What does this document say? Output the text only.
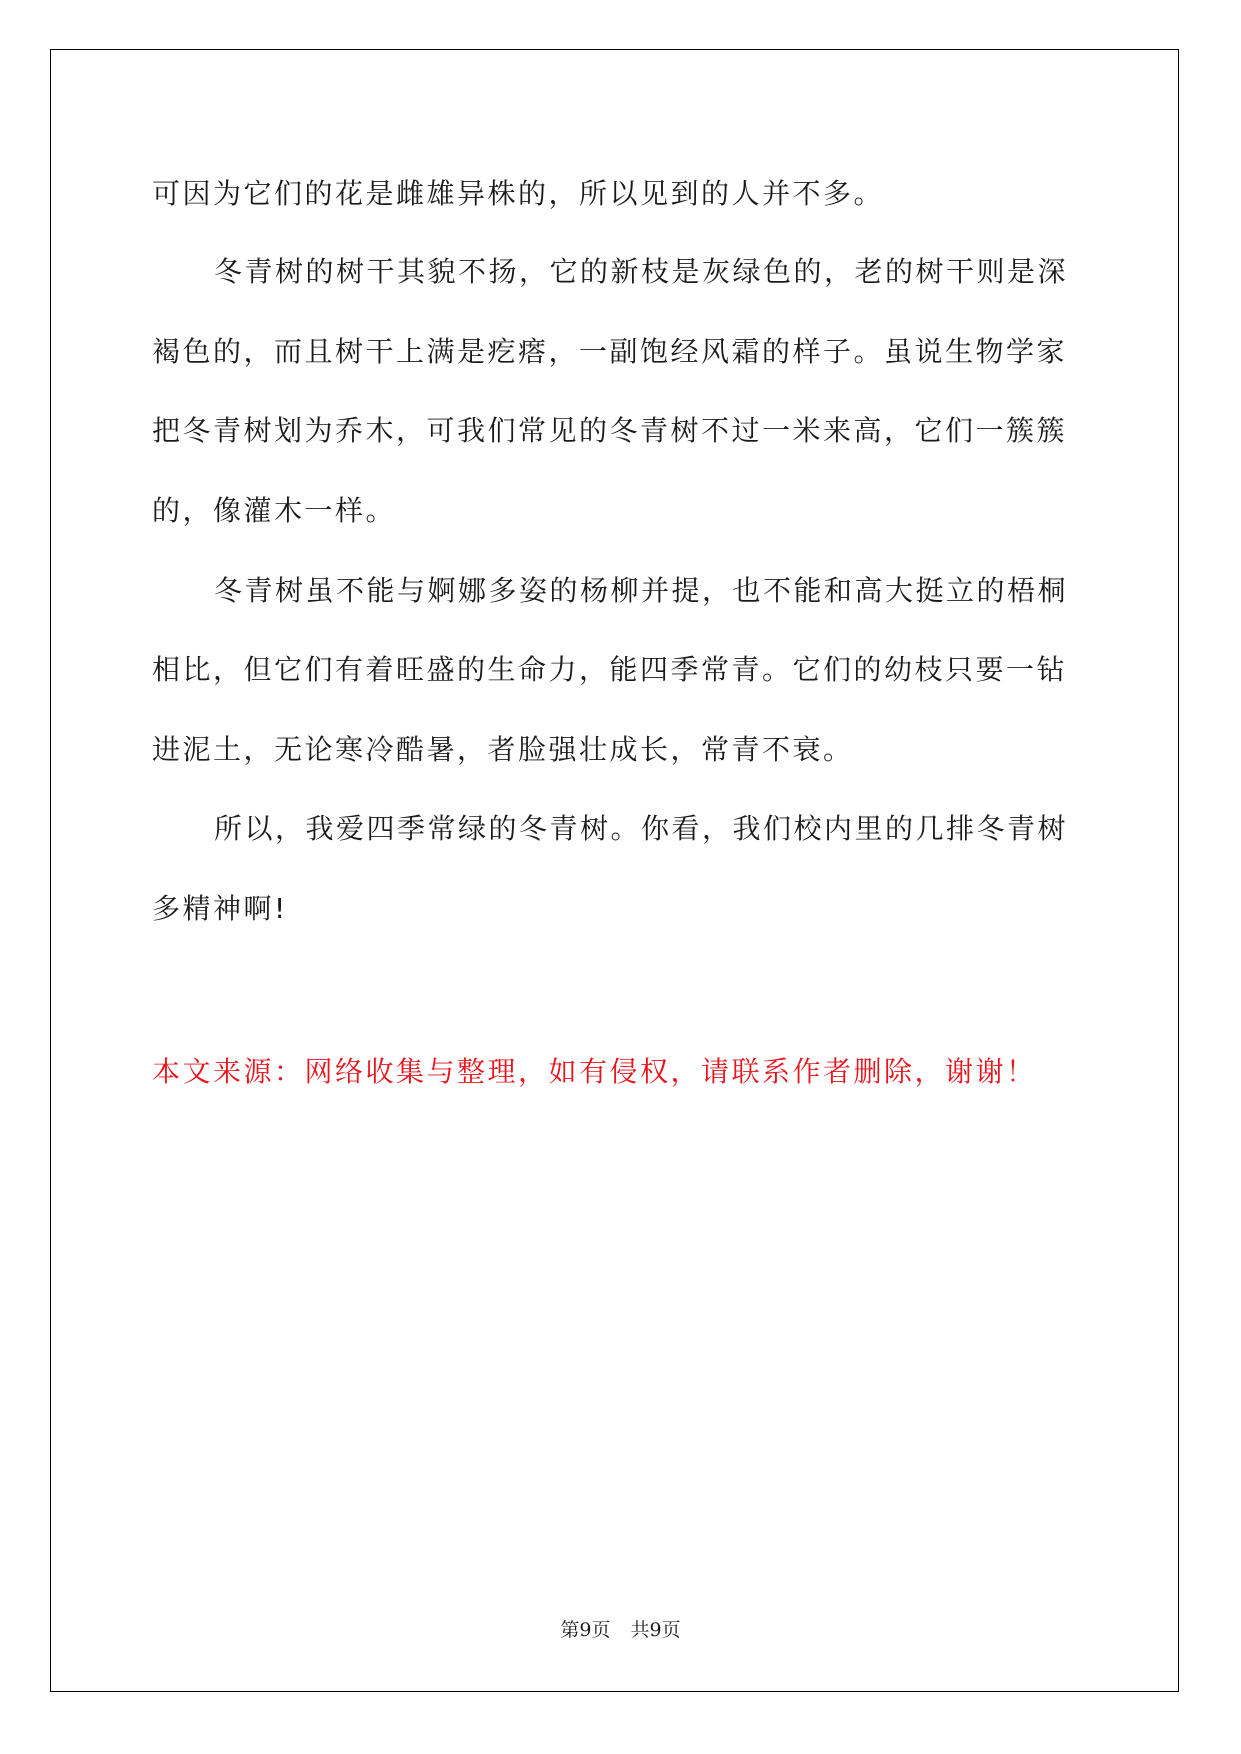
可因为它们的花是雌雄异株的，所以见到的人并不多。

冬青树的树干其貌不扬，它的新枝是灰绿色的，老的树干则是深

褐色的，而且树干上满是疙瘩，一副饱经风霜的样子。虽说生物学家

把冬青树划为乔木，可我们常见的冬青树不过一米来高，它们一簇簇

的，像灌木一样。

冬青树虽不能与婀娜多姿的杨柳并提，也不能和高大挺立的梧桐

相比，但它们有着旺盛的生命力，能四季常青。它们的幼枝只要一钻

进泥土，无论寒冷酷暑，者脸强壮成长，常青不衰。

所以，我爱四季常绿的冬青树。你看，我们校内里的几排冬青树

多精神啊!

本文来源：网络收集与整理，如有侵权，请联系作者删除，谢谢！

第9页 共9页
